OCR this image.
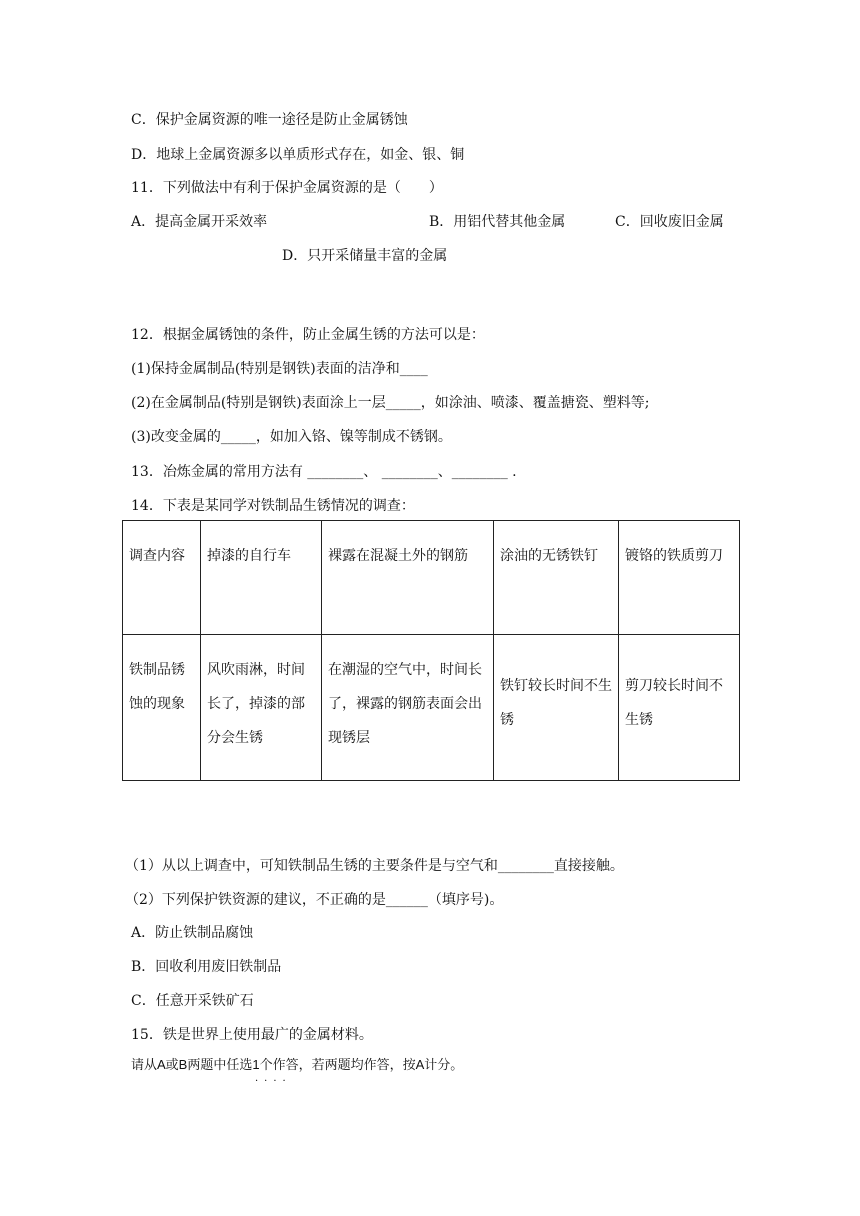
C．保护金属资源的唯一途径是防止金属锈蚀
D．地球上金属资源多以单质形式存在，如金、银、铜
11．下列做法中有利于保护金属资源的是（　　）
A．提高金属开采效率	B．用铝代替其他金属	C．回收废旧金属
D．只开采储量丰富的金属
12．根据金属锈蚀的条件，防止金属生锈的方法可以是：
(1)保持金属制品(特别是钢铁)表面的洁净和____
(2)在金属制品(特别是钢铁)表面涂上一层_____，如涂油、喷漆、覆盖搪瓷、塑料等;
(3)改变金属的_____，如加入铬、镍等制成不锈钢。
13．冶炼金属的常用方法有 ________、 ________、________ .
14．下表是某同学对铁制品生锈情况的调查：
调查内容	掉漆的自行车	裸露在混凝土外的钢筋	涂油的无锈铁钉	镀铬的铁质剪刀
铁制品锈蚀的现象	风吹雨淋，时间长了，掉漆的部分会生锈	在潮湿的空气中，时间长了，裸露的钢筋表面会出现锈层	铁钉较长时间不生锈	剪刀较长时间不生锈
（1）从以上调查中，可知铁制品生锈的主要条件是与空气和________直接接触。
（2）下列保护铁资源的建议，不正确的是______（填序号)。
A．防止铁制品腐蚀
B．回收利用废旧铁制品
C．任意开采铁矿石
15．铁是世界上使用最广的金属材料。
请从A或B两题中任选1个作答，若两题均作答，按A计分。
····
